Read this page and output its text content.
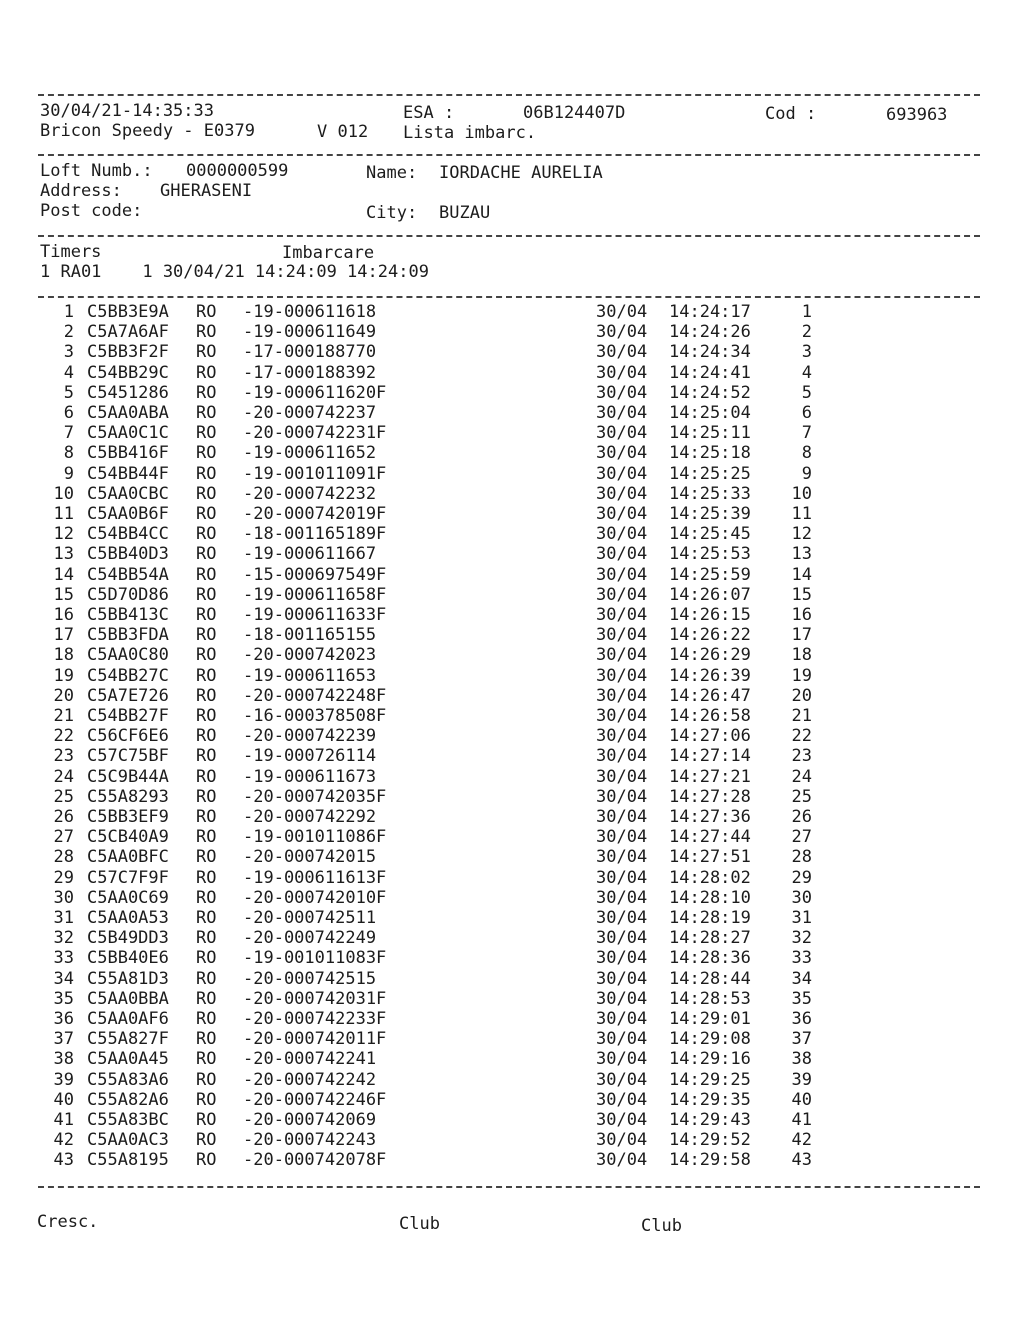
30/04/21-14:35:33	ESA :	06B124407D	Cod :	693963
Bricon Speedy - E0379	V 012 Lista imbarc.
Loft Numb.: 0000000599	Name: IORDACHE AURELIA
Address: GHERASENI
Post code:	City: BUZAU
Timers	Imbarcare
1 RA01    1 30/04/21 14:24:09 14:24:09
1 C5BB3E9A RO -19-000611618	30/04 14:24:17	1
2 C5A7A6AF RO -19-000611649	30/04 14:24:26	2
3 C5BB3F2F RO -17-000188770	30/04 14:24:34	3
4 C54BB29C RO -17-000188392	30/04 14:24:41	4
5 C5451286 RO -19-000611620F	30/04 14:24:52	5
6 C5AA0ABA RO -20-000742237	30/04 14:25:04	6
7 C5AA0C1C RO -20-000742231F	30/04 14:25:11	7
8 C5BB416F RO -19-000611652	30/04 14:25:18	8
9 C54BB44F RO -19-001011091F	30/04 14:25:25	9
10 C5AA0CBC RO -20-000742232	30/04 14:25:33	10
11 C5AA0B6F RO -20-000742019F	30/04 14:25:39	11
12 C54BB4CC RO -18-001165189F	30/04 14:25:45	12
13 C5BB40D3 RO -19-000611667	30/04 14:25:53	13
14 C54BB54A RO -15-000697549F	30/04 14:25:59	14
15 C5D70D86 RO -19-000611658F	30/04 14:26:07	15
16 C5BB413C RO -19-000611633F	30/04 14:26:15	16
17 C5BB3FDA RO -18-001165155	30/04 14:26:22	17
18 C5AA0C80 RO -20-000742023	30/04 14:26:29	18
19 C54BB27C RO -19-000611653	30/04 14:26:39	19
20 C5A7E726 RO -20-000742248F	30/04 14:26:47	20
21 C54BB27F RO -16-000378508F	30/04 14:26:58	21
22 C56CF6E6 RO -20-000742239	30/04 14:27:06	22
23 C57C75BF RO -19-000726114	30/04 14:27:14	23
24 C5C9B44A RO -19-000611673	30/04 14:27:21	24
25 C55A8293 RO -20-000742035F	30/04 14:27:28	25
26 C5BB3EF9 RO -20-000742292	30/04 14:27:36	26
27 C5CB40A9 RO -19-001011086F	30/04 14:27:44	27
28 C5AA0BFC RO -20-000742015	30/04 14:27:51	28
29 C57C7F9F RO -19-000611613F	30/04 14:28:02	29
30 C5AA0C69 RO -20-000742010F	30/04 14:28:10	30
31 C5AA0A53 RO -20-000742511	30/04 14:28:19	31
32 C5B49DD3 RO -20-000742249	30/04 14:28:27	32
33 C5BB40E6 RO -19-001011083F	30/04 14:28:36	33
34 C55A81D3 RO -20-000742515	30/04 14:28:44	34
35 C5AA0BBA RO -20-000742031F	30/04 14:28:53	35
36 C5AA0AF6 RO -20-000742233F	30/04 14:29:01	36
37 C55A827F RO -20-000742011F	30/04 14:29:08	37
38 C5AA0A45 RO -20-000742241	30/04 14:29:16	38
39 C55A83A6 RO -20-000742242	30/04 14:29:25	39
40 C55A82A6 RO -20-000742246F	30/04 14:29:35	40
41 C55A83BC RO -20-000742069	30/04 14:29:43	41
42 C5AA0AC3 RO -20-000742243	30/04 14:29:52	42
43 C55A8195 RO -20-000742078F	30/04 14:29:58	43
Cresc.	Club	Club
